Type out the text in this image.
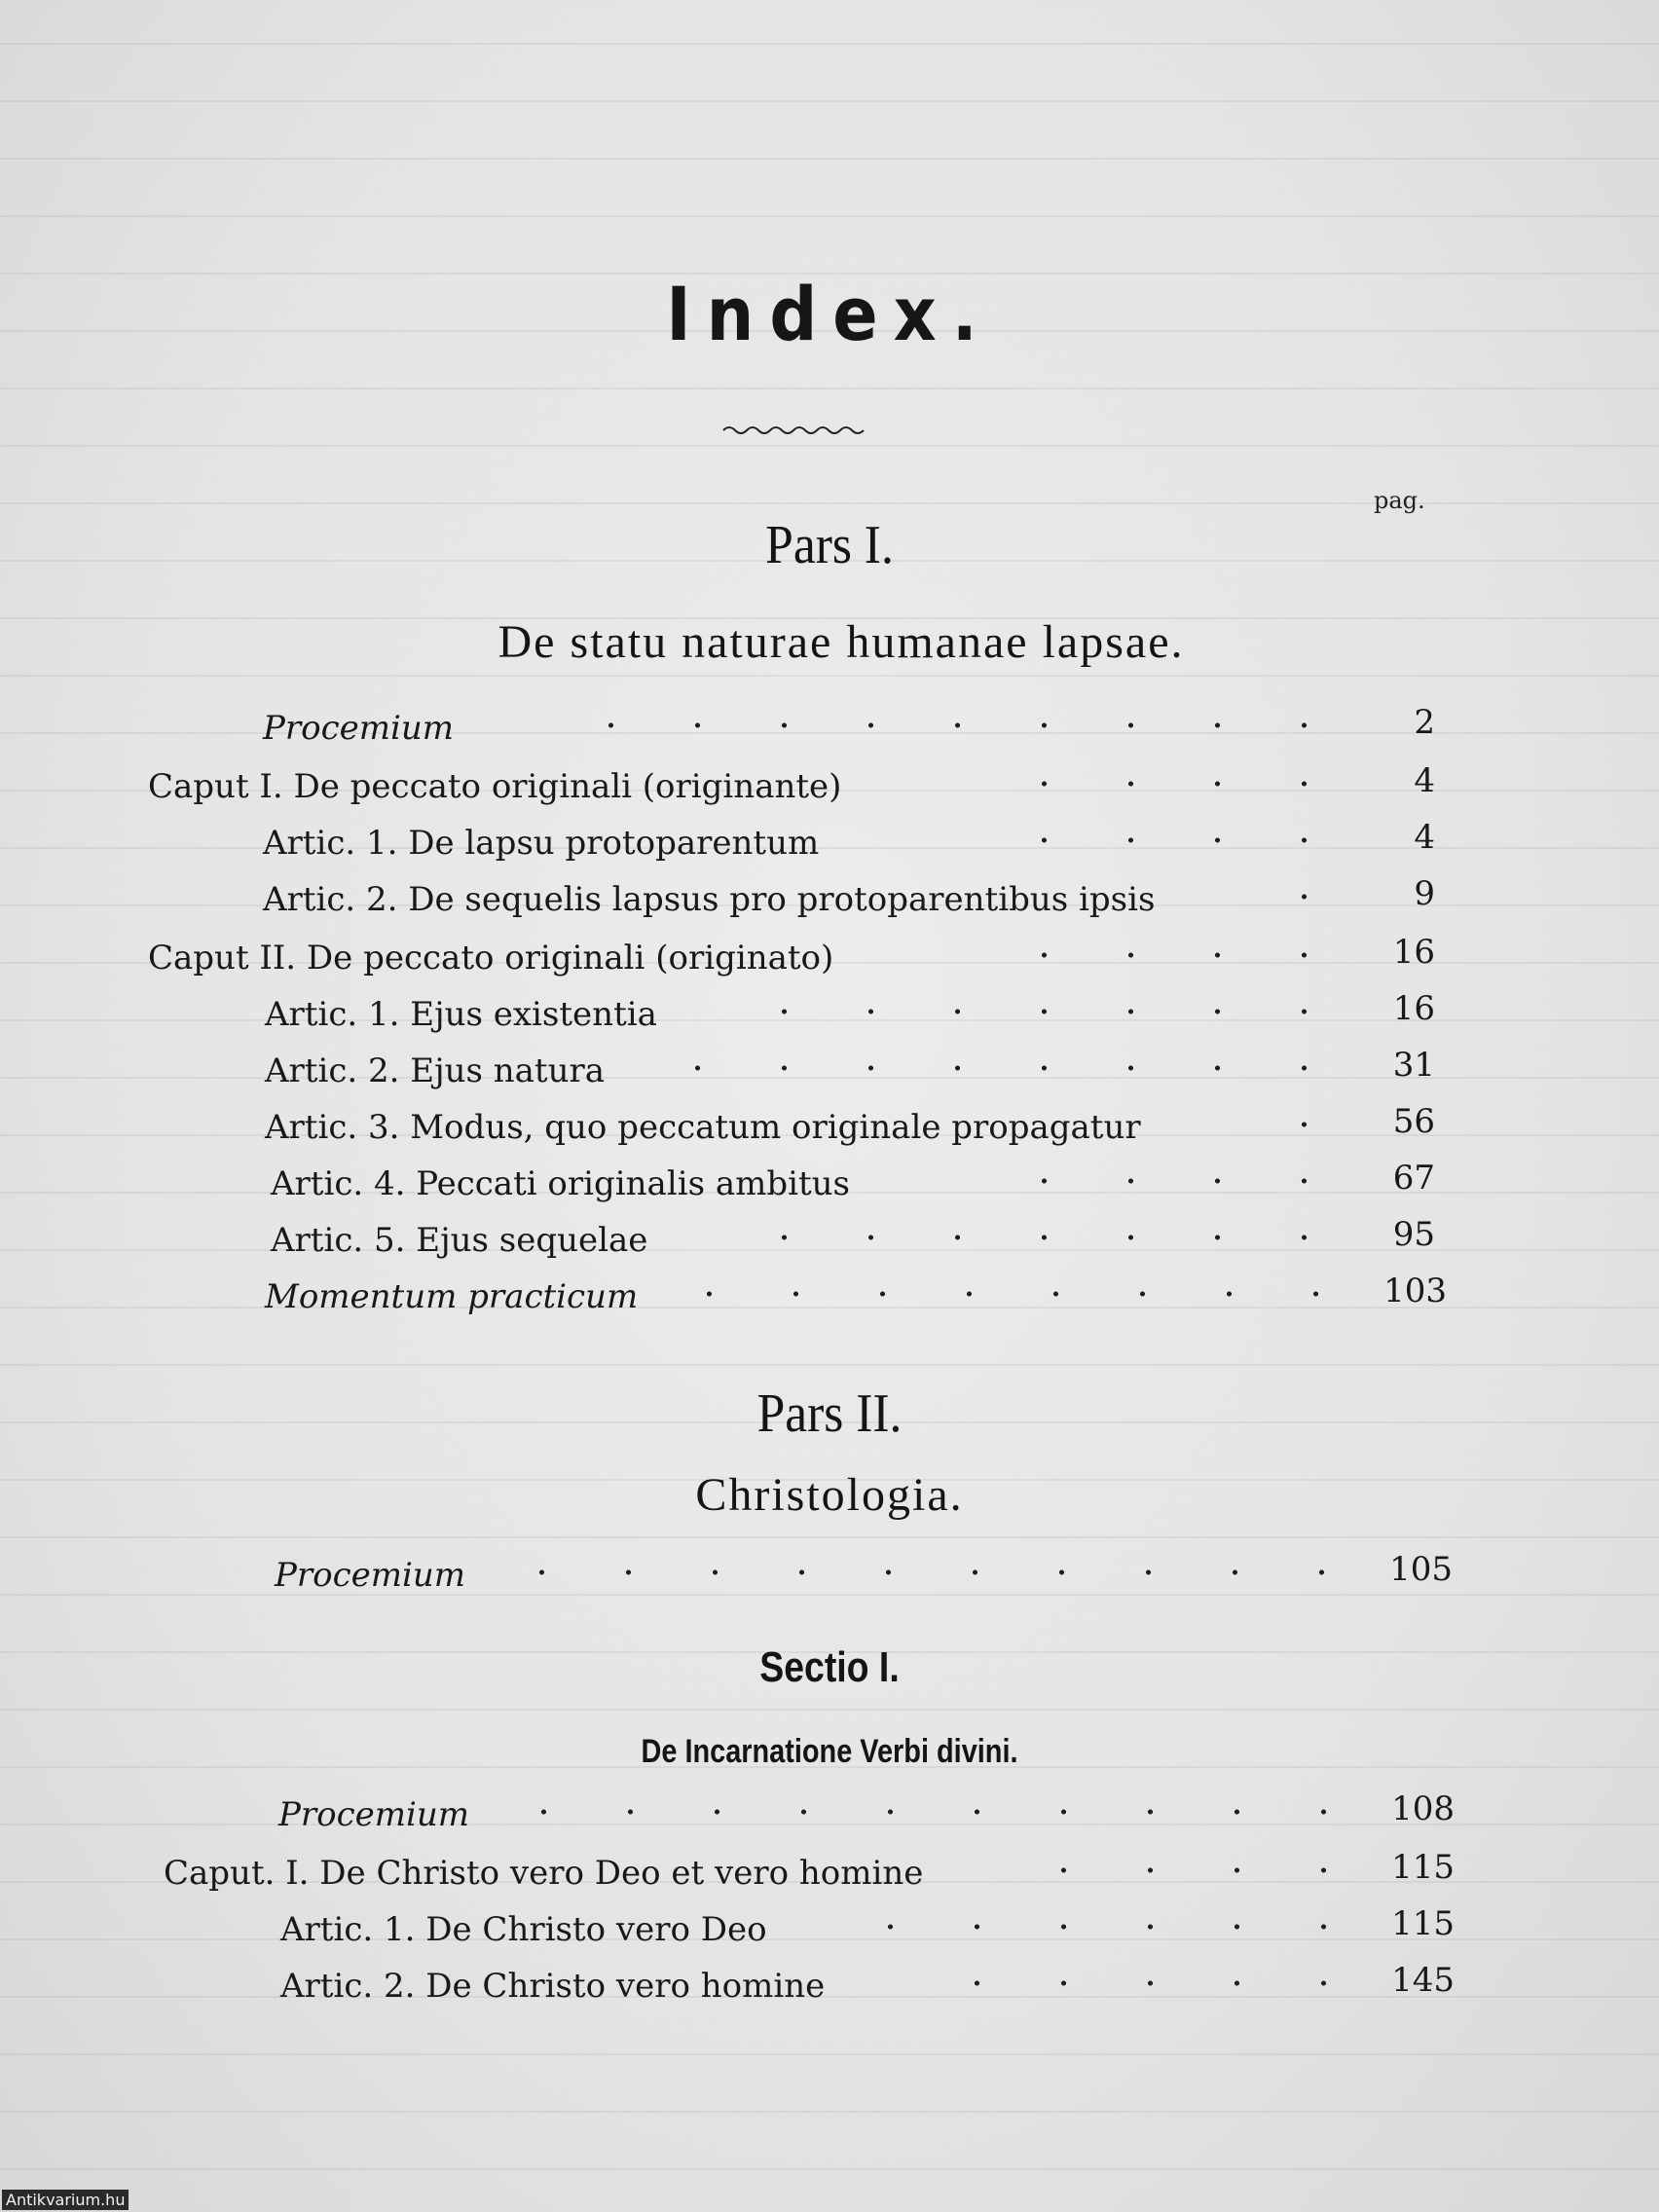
Index.
pag.
Pars I.
De statu naturae humanae lapsae.
Procemium	2
Caput I. De peccato originali (originante)	4
Artic. 1. De lapsu protoparentum	4
Artic. 2. De sequelis lapsus pro protoparentibus ipsis	9
Caput II. De peccato originali (originato)	16
Artic. 1. Ejus existentia	16
Artic. 2. Ejus natura	31
Artic. 3. Modus, quo peccatum originale propagatur	56
Artic. 4. Peccati originalis ambitus	67
Artic. 5. Ejus sequelae	95
Momentum practicum	103
Pars II.
Christologia.
Procemium	105
Sectio I.
De Incarnatione Verbi divini.
Procemium	108
Caput. I. De Christo vero Deo et vero homine	115
Artic. 1. De Christo vero Deo	115
Artic. 2. De Christo vero homine	145
Antikvarium.hu
